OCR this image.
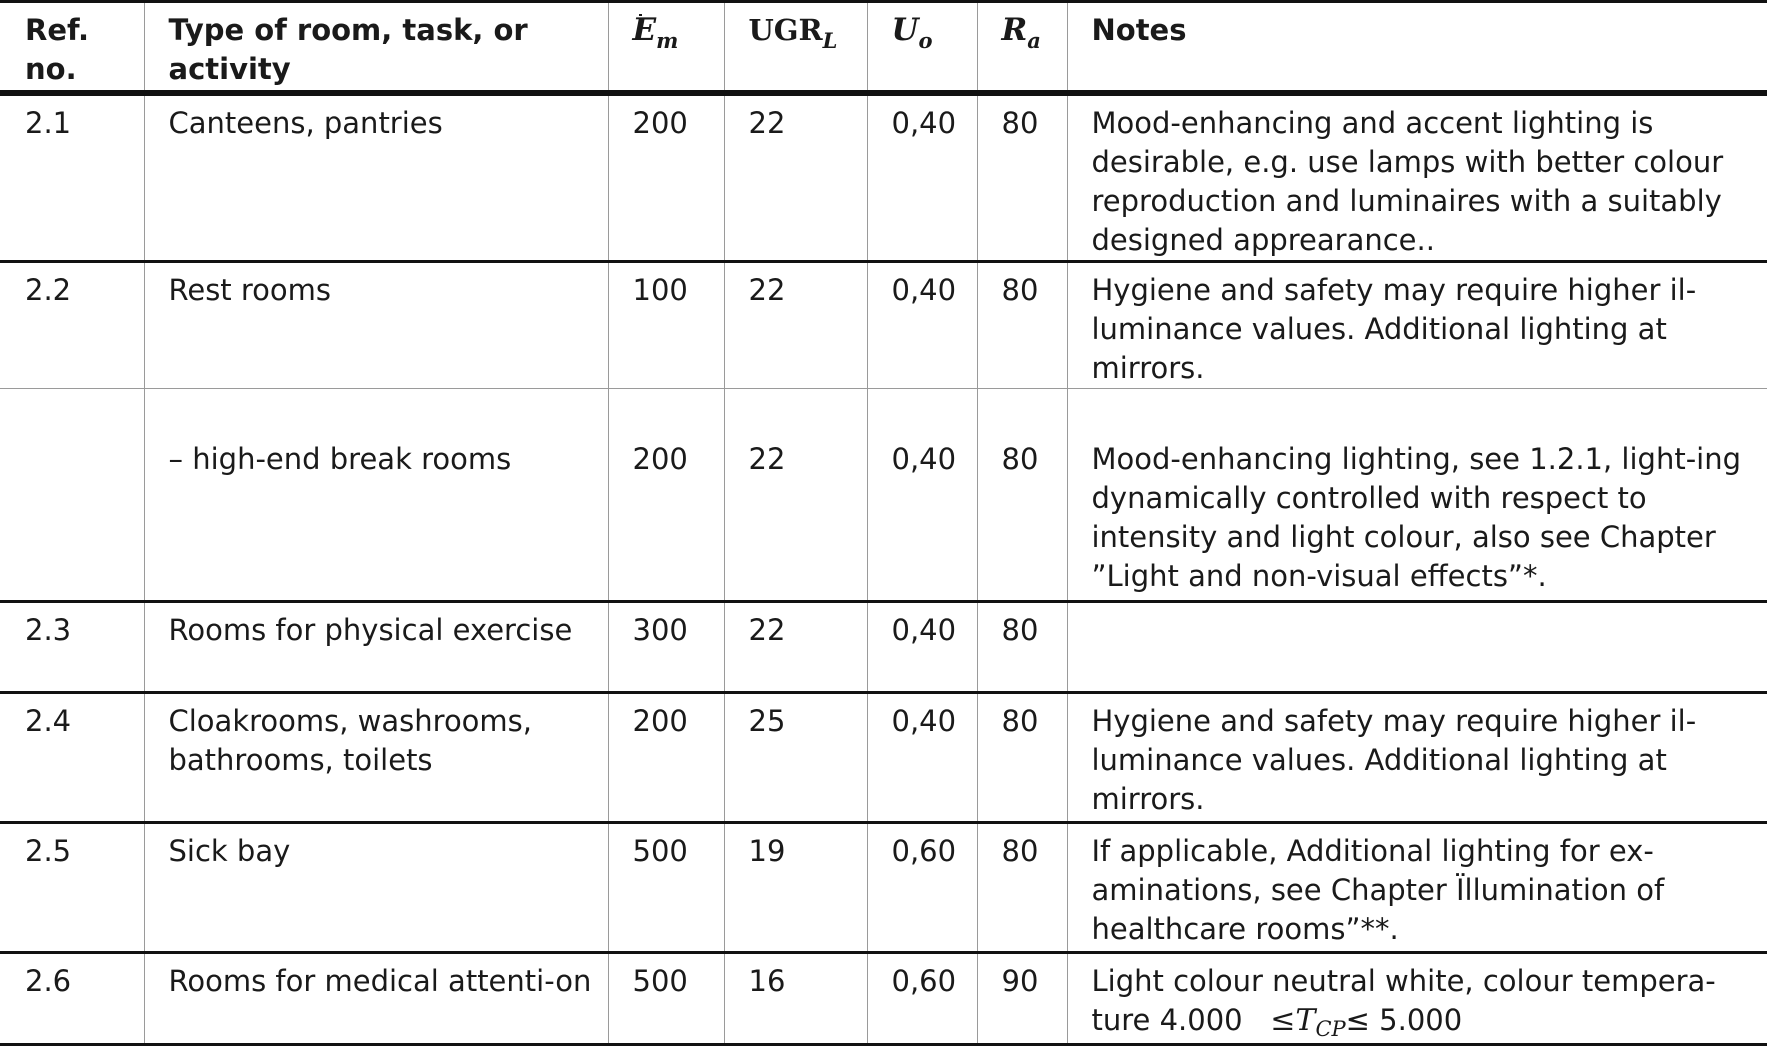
Ref. no.	Type of room, task, or activity	$E_m$	$UGR_L$	$U_o$	$R_a$	Notes
2.1	Canteens, pantries	200	22	0,40	80	Mood-enhancing and accent lighting is desirable, e.g. use lamps with better colour reproduction and luminaires with a suitably designed apprearance..
2.2	Rest rooms	100	22	0,40	80	Hygiene and safety may require higher il-luminance values. Additional lighting at mirrors.
	– high-end break rooms	200	22	0,40	80	Mood-enhancing lighting, see 1.2.1, light-ing dynamically controlled with respect to intensity and light colour, also see Chapter ”Light and non-visual effects”*.
2.3	Rooms for physical exercise	300	22	0,40	80	
2.4	Cloakrooms, washrooms, bathrooms, toilets	200	25	0,40	80	Hygiene and safety may require higher il-luminance values. Additional lighting at mirrors.
2.5	Sick bay	500	19	0,60	80	If applicable, Additional lighting for ex-aminations, see Chapter Ïllumination of healthcare rooms”**.
2.6	Rooms for medical attenti-on	500	16	0,60	90	Light colour neutral white, colour tempera-ture $4.000 \le T_{CP}\le 5.000$
